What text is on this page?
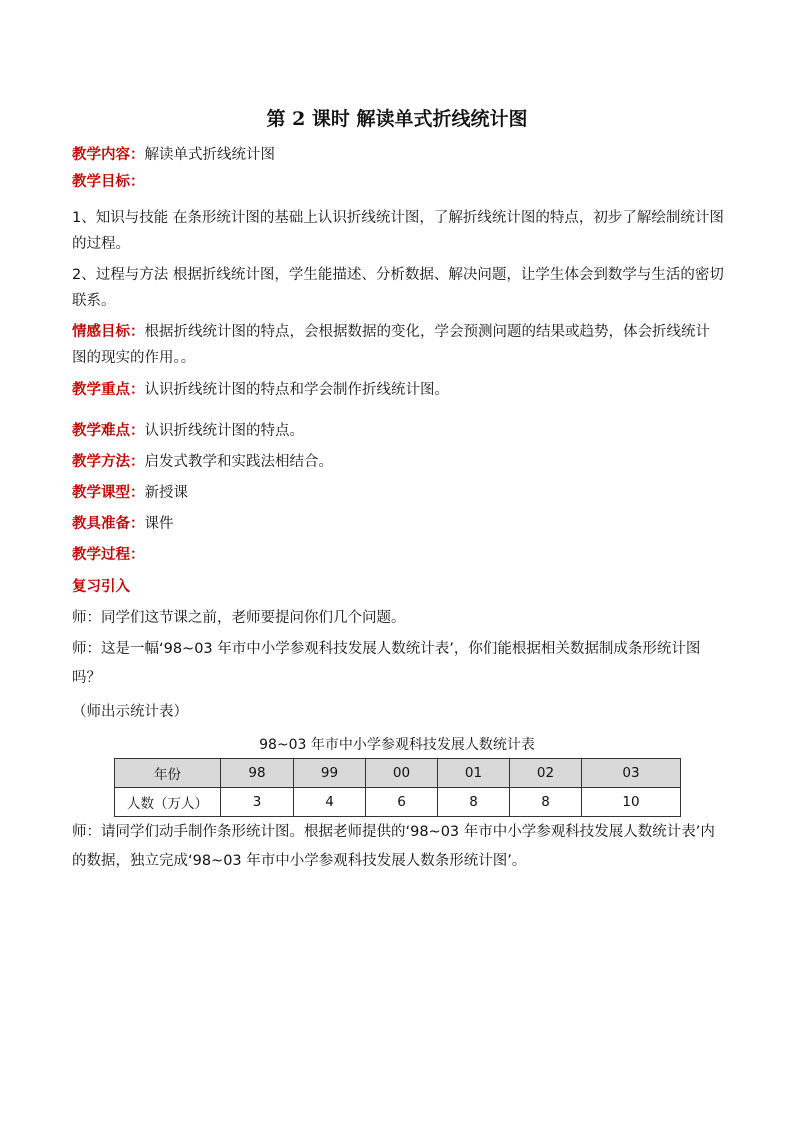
第 2 课时 解读单式折线统计图
教学内容：解读单式折线统计图
教学目标：
1、知识与技能 在条形统计图的基础上认识折线统计图，了解折线统计图的特点，初步了解绘制统计图的过程。
2、过程与方法 根据折线统计图，学生能描述、分析数据、解决问题，让学生体会到数学与生活的密切联系。
情感目标：根据折线统计图的特点，会根据数据的变化，学会预测问题的结果或趋势，体会折线统计图的现实的作用。。
教学重点：认识折线统计图的特点和学会制作折线统计图。
教学难点：认识折线统计图的特点。
教学方法：启发式教学和实践法相结合。
教学课型：新授课
教具准备：课件
教学过程：
复习引入
师：同学们这节课之前，老师要提问你们几个问题。
师：这是一幅‘98~03 年市中小学参观科技发展人数统计表’，你们能根据相关数据制成条形统计图吗？
（师出示统计表）
98~03 年市中小学参观科技发展人数统计表
年份	98	99	00	01	02	03
人数（万人）	3	4	6	8	8	10
师：请同学们动手制作条形统计图。根据老师提供的‘98~03 年市中小学参观科技发展人数统计表’内的数据，独立完成‘98~03 年市中小学参观科技发展人数条形统计图’。
